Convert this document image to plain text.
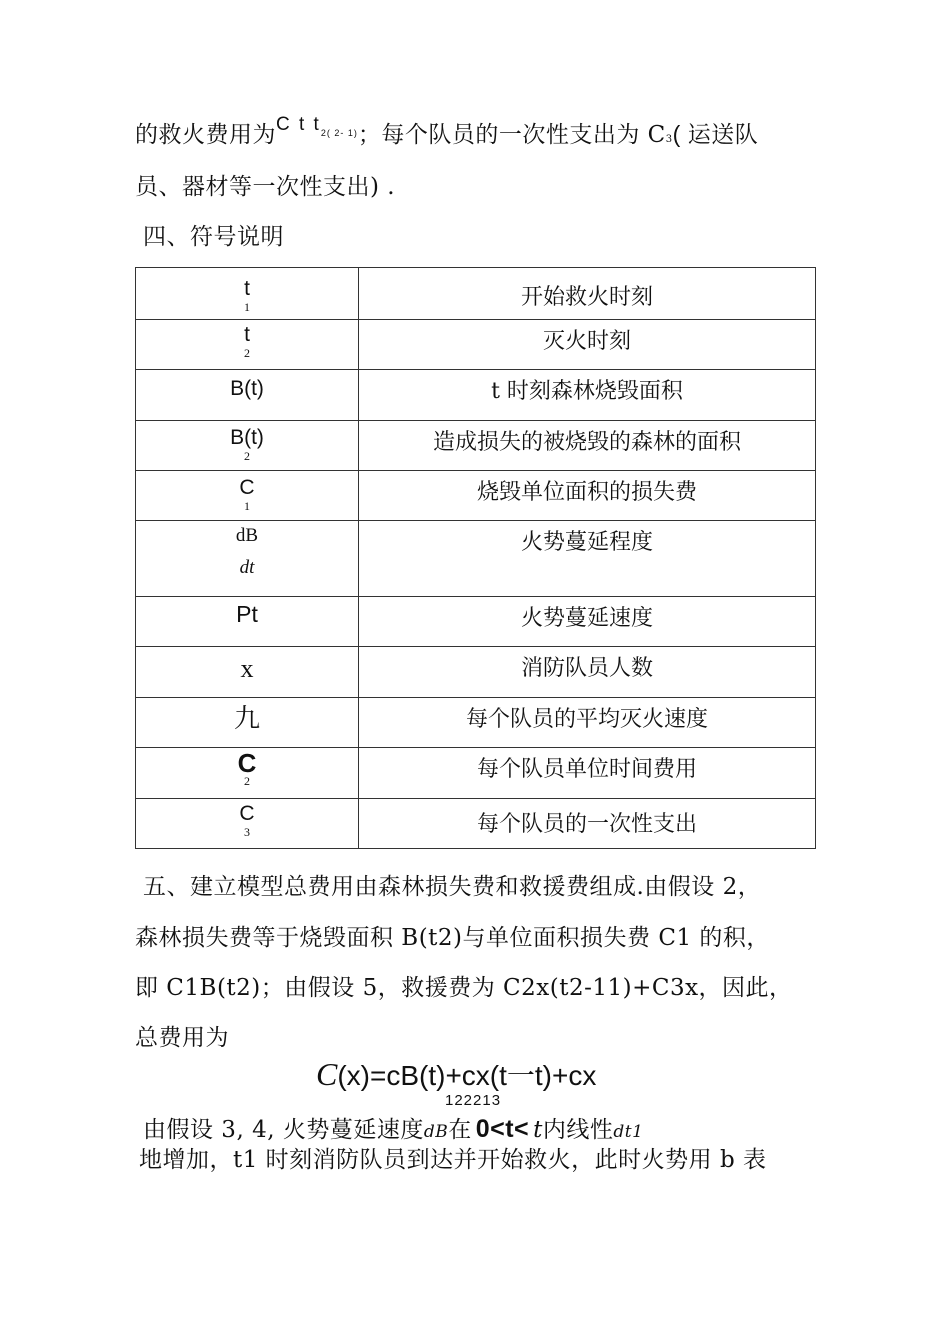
的救火费用为$^{C t t_{2( 2- 1)}}$；每个队员的一次性支出为 C3( 运送队
员、器材等一次性支出) .
四、符号说明
t
1	开始救火时刻

t
2	灭火时刻

B(t)	t 时刻森林烧毁面积

B(t)
2	造成损失的被烧毁的森林的面积

C
1	烧毁单位面积的损失费

dB
dt	火势蔓延程度

Pt	火势蔓延速度

x	消防队员人数

九	每个队员的平均灭火速度

C
2	每个队员单位时间费用

C
3	每个队员的一次性支出
五、建立模型总费用由森林损失费和救援费组成.由假设 2，
森林损失费等于烧毁面积 B(t2)与单位面积损失费 C1 的积，
即 C1B(t2)；由假设 5，救援费为 C2x(t2-11)+C3x，因此，
总费用为
C(x)=cB(t)+cx(t一t)+cx
122213
由假设 3, 4, 火势蔓延速度dB在 0<t< t内线性dt1
地增加，t1 时刻消防队员到达并开始救火，此时火势用 b 表
